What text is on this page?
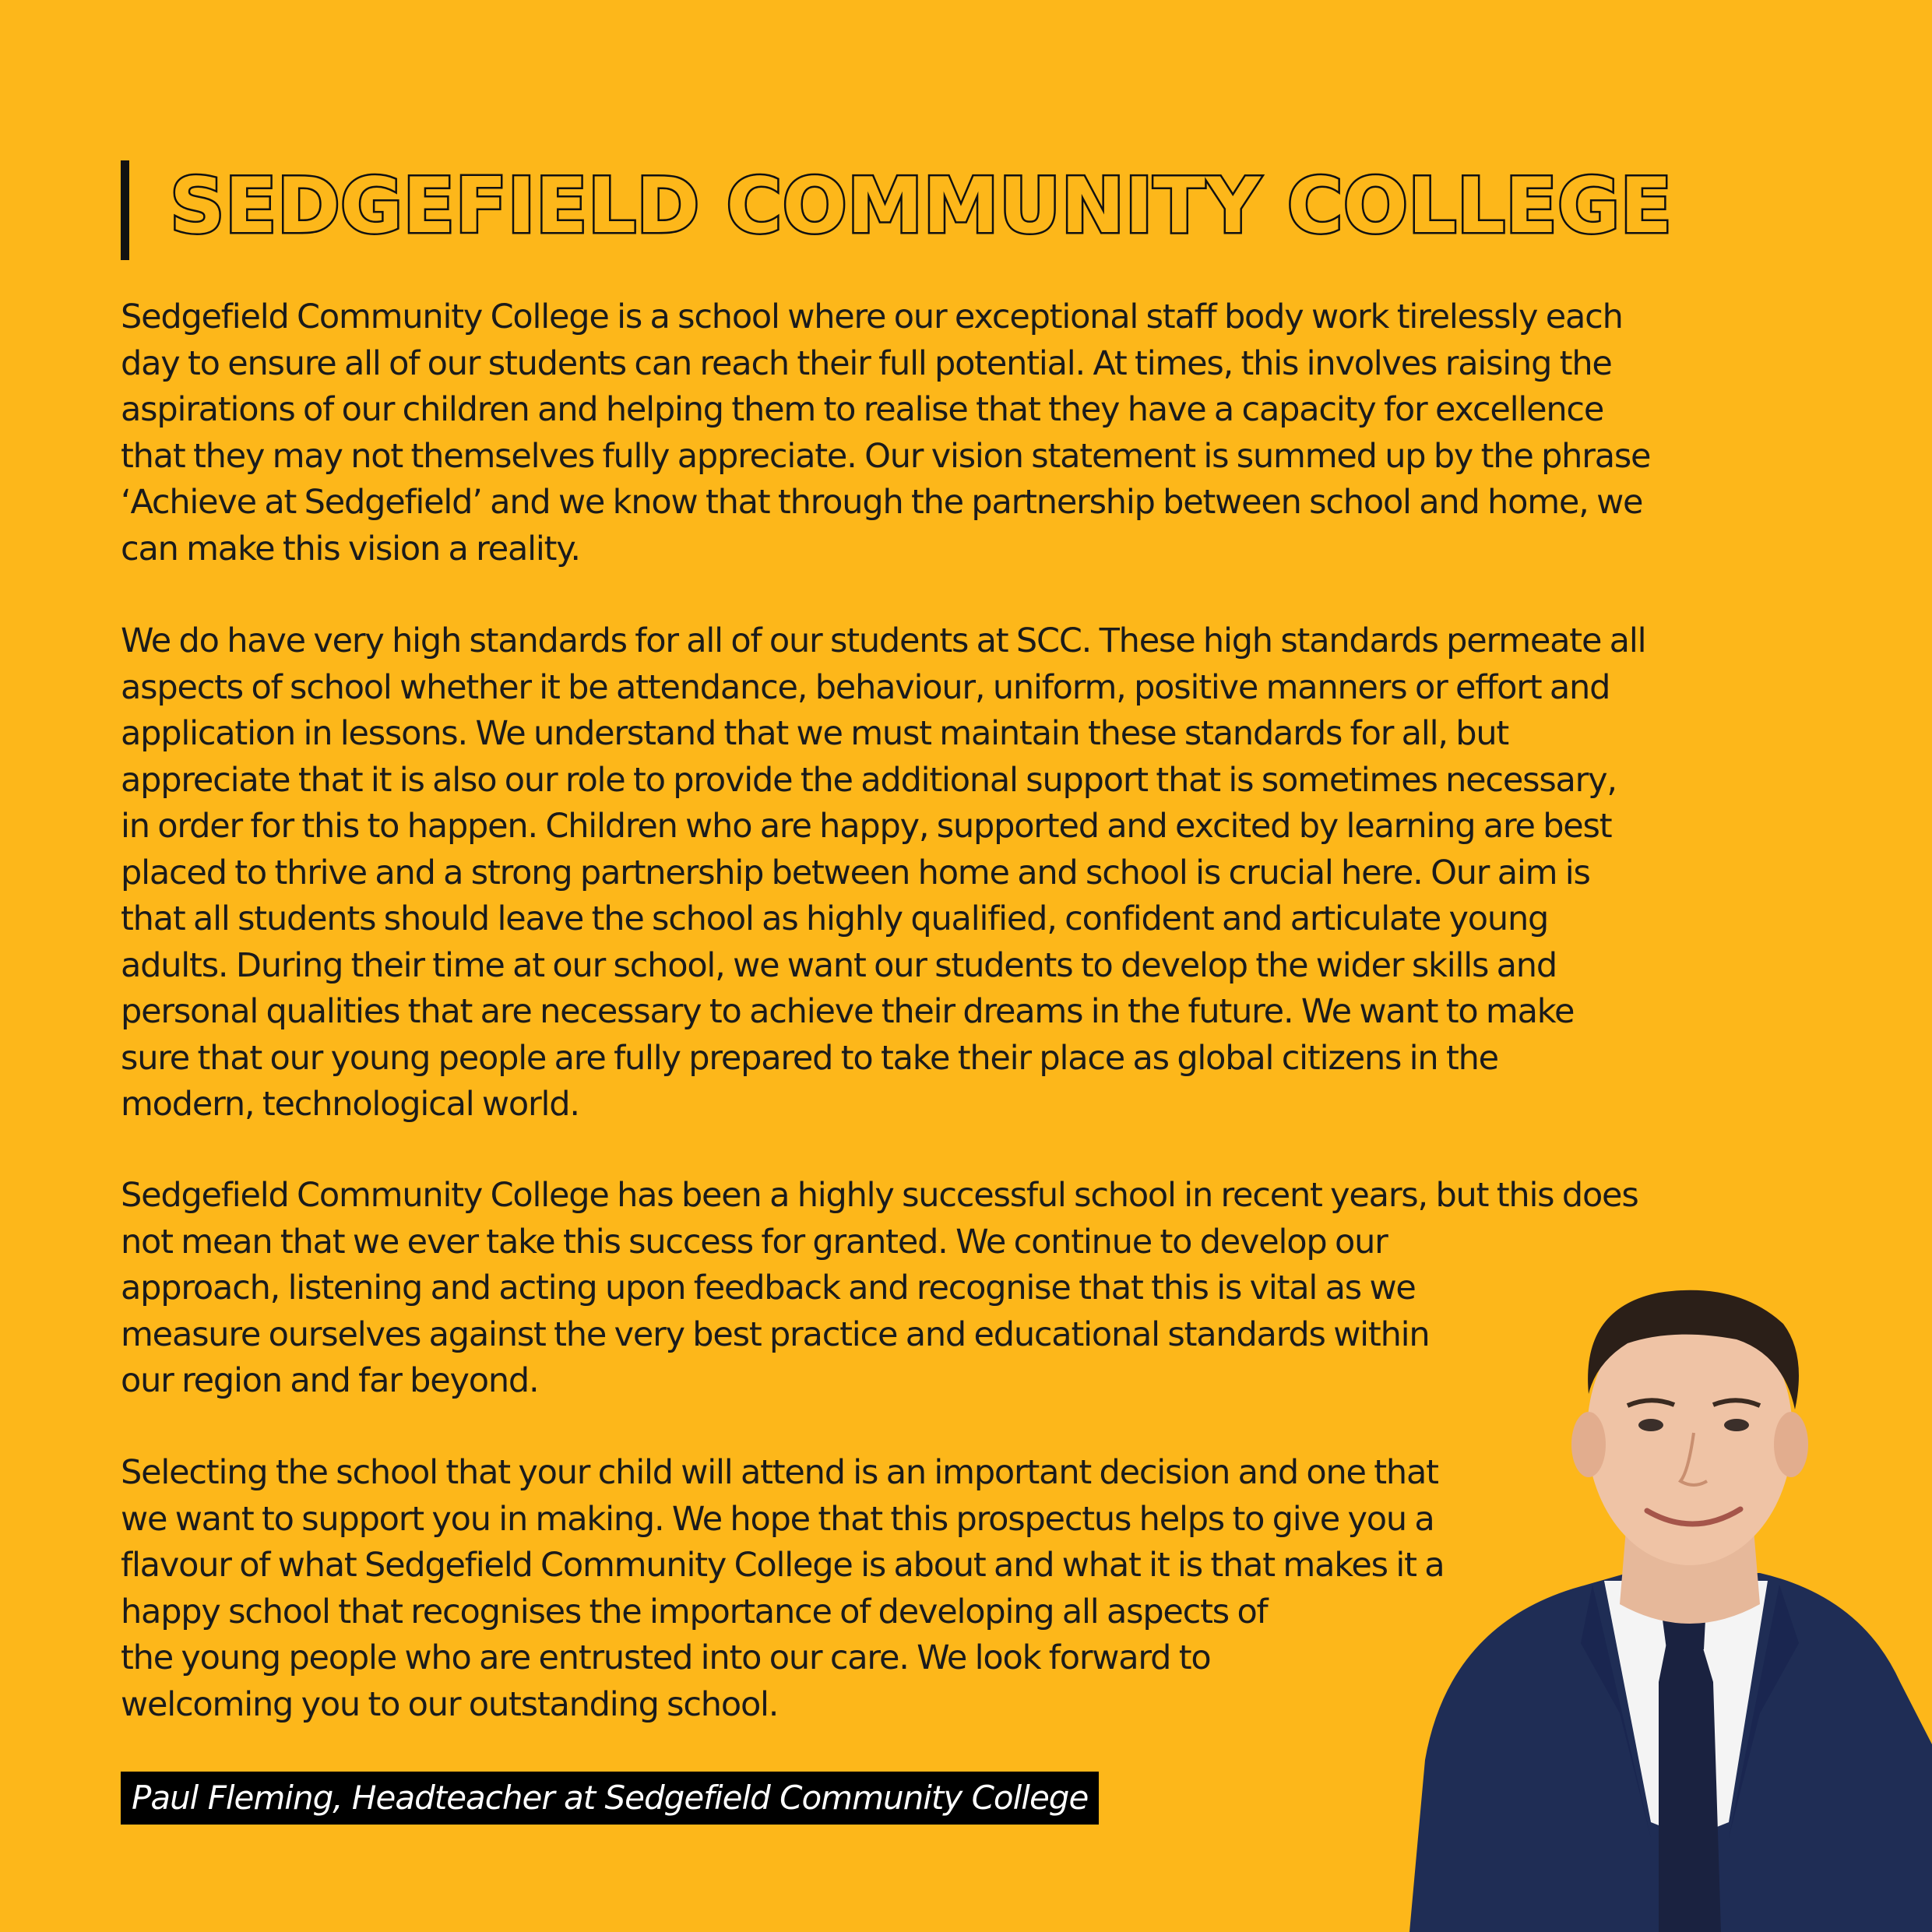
SEDGEFIELD COMMUNITY COLLEGE

Sedgefield Community College is a school where our exceptional staff body work tirelessly each
day to ensure all of our students can reach their full potential. At times, this involves raising the
aspirations of our children and helping them to realise that they have a capacity for excellence
that they may not themselves fully appreciate. Our vision statement is summed up by the phrase
‘Achieve at Sedgefield’ and we know that through the partnership between school and home, we
can make this vision a reality.

We do have very high standards for all of our students at SCC. These high standards permeate all
aspects of school whether it be attendance, behaviour, uniform, positive manners or effort and
application in lessons. We understand that we must maintain these standards for all, but
appreciate that it is also our role to provide the additional support that is sometimes necessary,
in order for this to happen. Children who are happy, supported and excited by learning are best
placed to thrive and a strong partnership between home and school is crucial here. Our aim is
that all students should leave the school as highly qualified, confident and articulate young
adults. During their time at our school, we want our students to develop the wider skills and
personal qualities that are necessary to achieve their dreams in the future. We want to make
sure that our young people are fully prepared to take their place as global citizens in the
modern, technological world.

Sedgefield Community College has been a highly successful school in recent years, but this does
not mean that we ever take this success for granted. We continue to develop our
approach, listening and acting upon feedback and recognise that this is vital as we
measure ourselves against the very best practice and educational standards within
our region and far beyond.

Selecting the school that your child will attend is an important decision and one that
we want to support you in making. We hope that this prospectus helps to give you a
flavour of what Sedgefield Community College is about and what it is that makes it a
happy school that recognises the importance of developing all aspects of
the young people who are entrusted into our care. We look forward to
welcoming you to our outstanding school.

Paul Fleming, Headteacher at Sedgefield Community College
